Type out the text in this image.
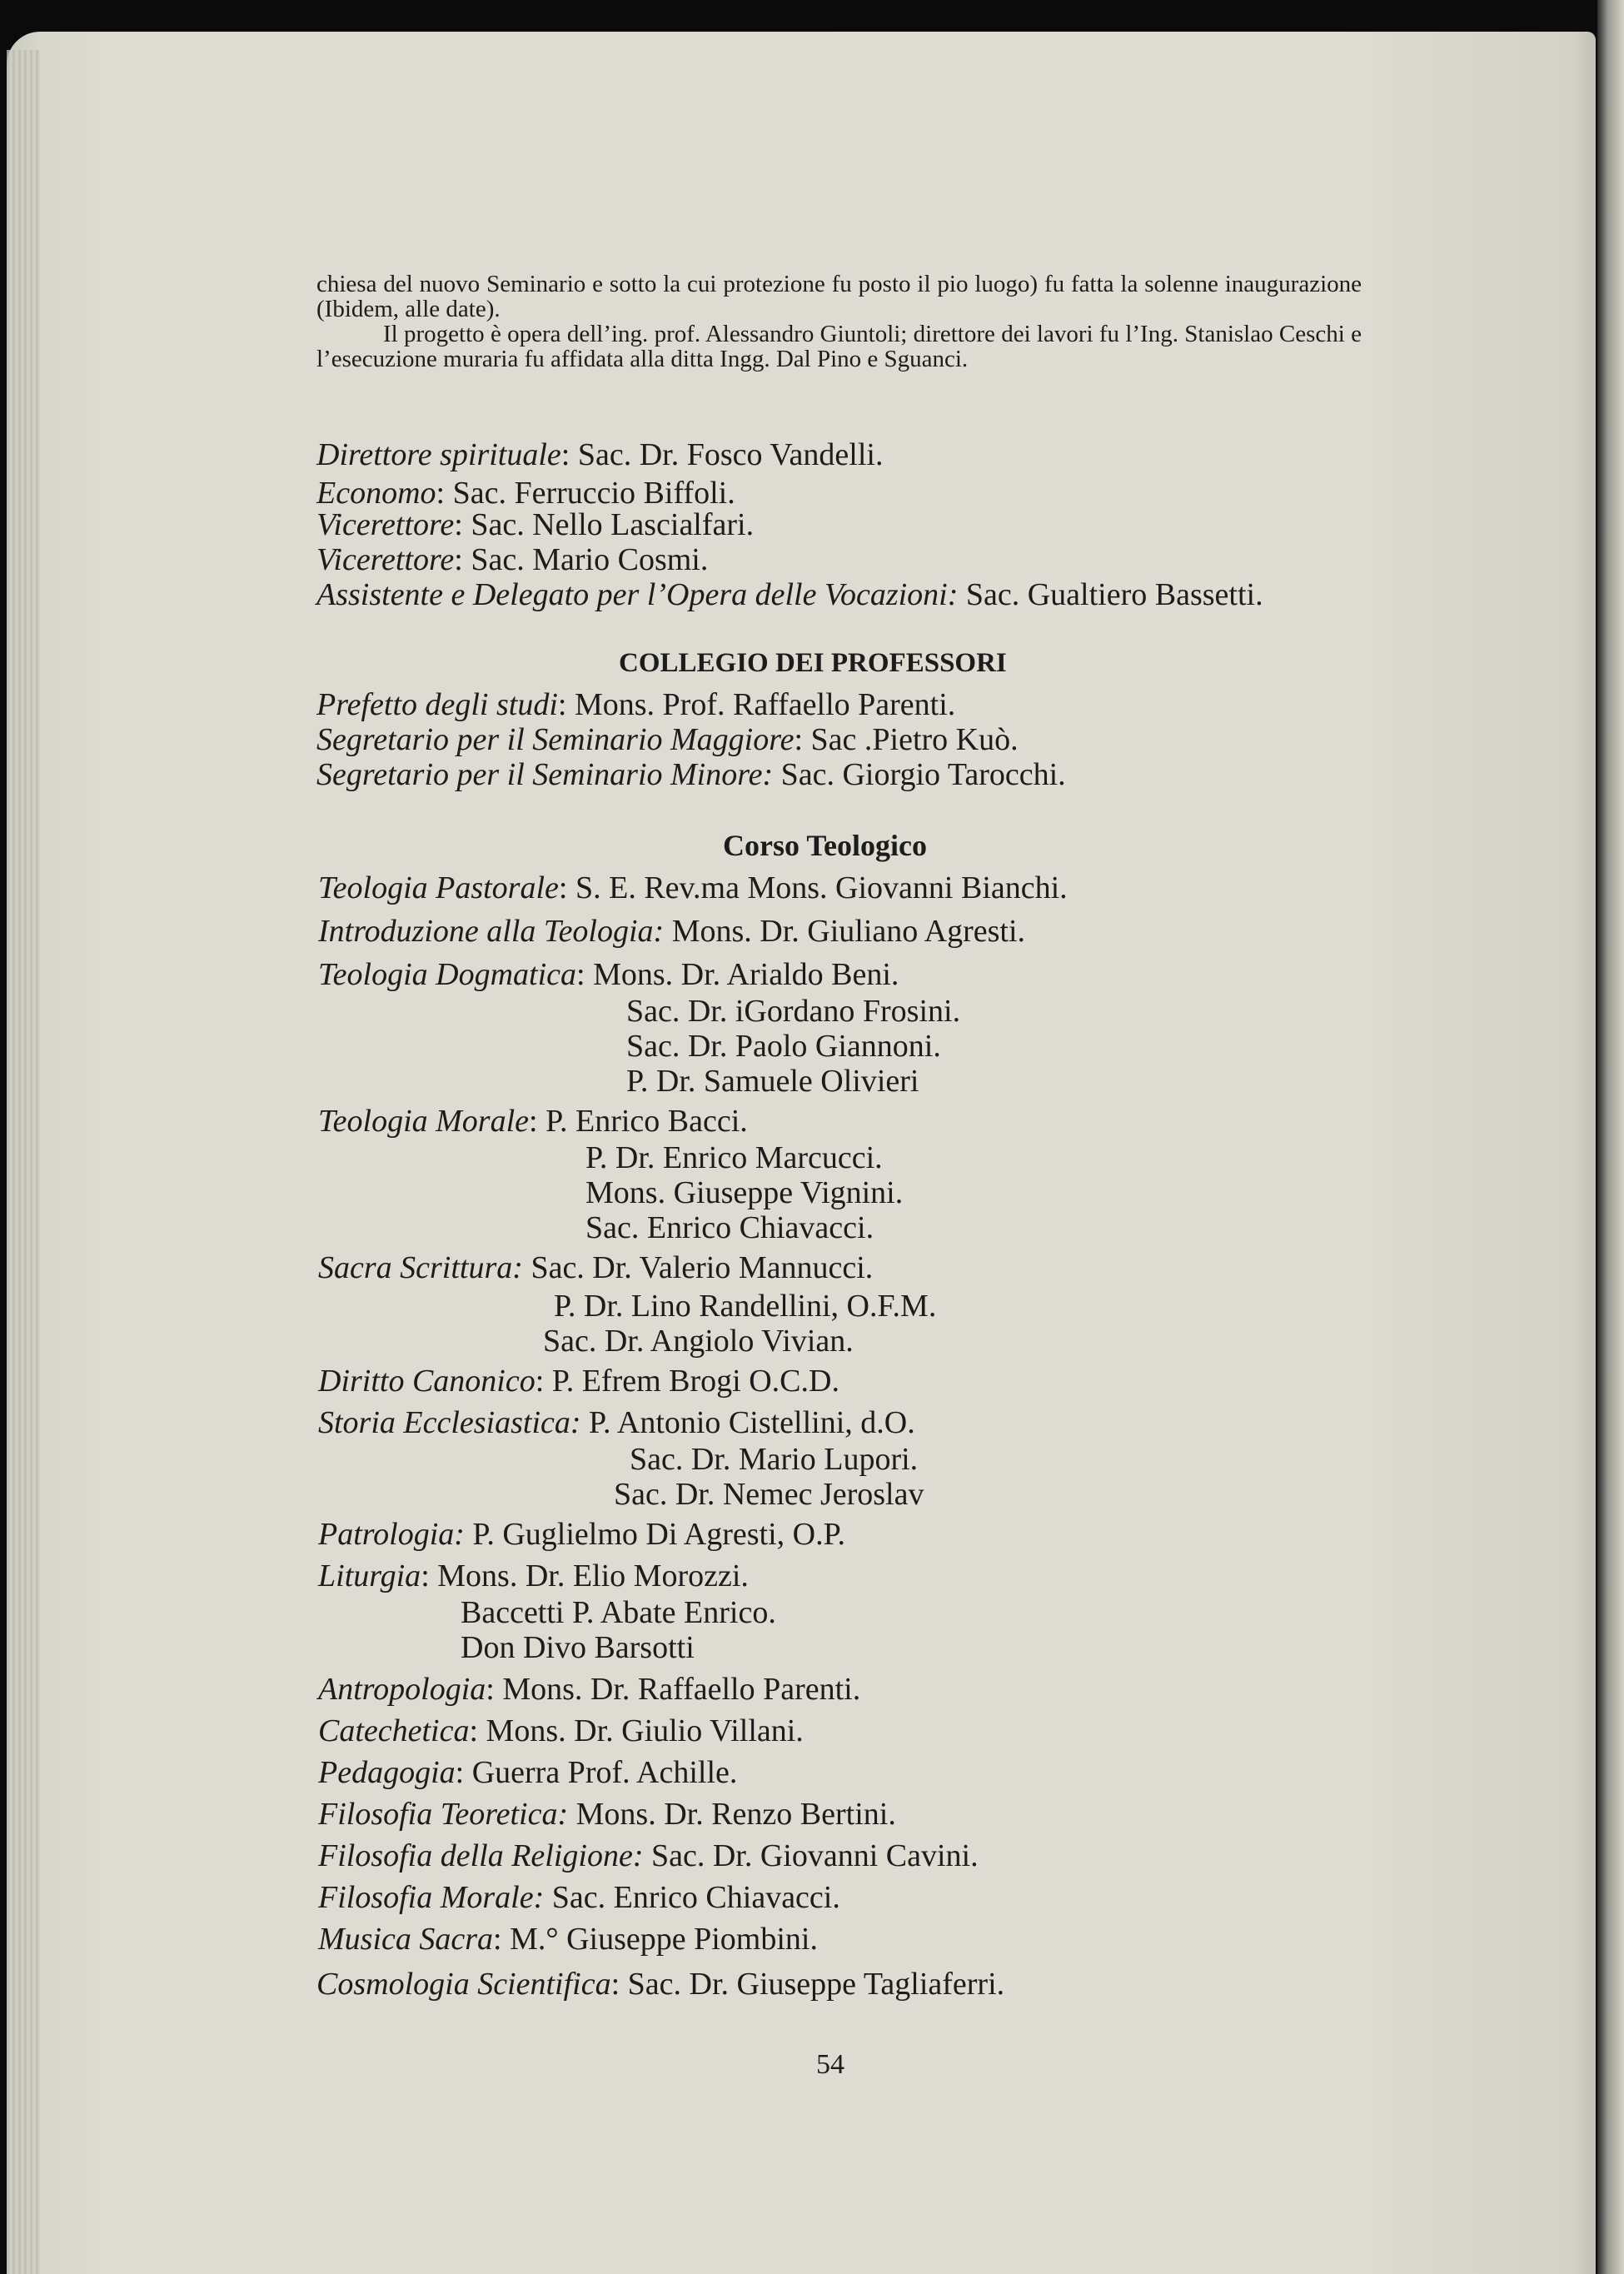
chiesa del nuovo Seminario e sotto la cui protezione fu posto il pio luogo) fu fatta la solenne inaugurazione (Ibidem, alle date).

Il progetto è opera dell’ing. prof. Alessandro Giuntoli; direttore dei lavori fu l’Ing. Stanislao Ceschi e l’esecuzione muraria fu affidata alla ditta Ingg. Dal Pino e Sguanci.

Direttore spirituale: Sac. Dr. Fosco Vandelli.
Economo: Sac. Ferruccio Biffoli.
Vicerettore: Sac. Nello Lascialfari.
Vicerettore: Sac. Mario Cosmi.
Assistente e Delegato per l’Opera delle Vocazioni: Sac. Gualtiero Bassetti.
COLLEGIO DEI PROFESSORI
Prefetto degli studi: Mons. Prof. Raffaello Parenti.
Segretario per il Seminario Maggiore: Sac .Pietro Kuò.
Segretario per il Seminario Minore: Sac. Giorgio Tarocchi.
Corso Teologico
Teologia Pastorale: S. E. Rev.ma Mons. Giovanni Bianchi.
Introduzione alla Teologia: Mons. Dr. Giuliano Agresti.
Teologia Dogmatica: Mons. Dr. Arialdo Beni.
Sac. Dr. iGordano Frosini.
Sac. Dr. Paolo Giannoni.
P. Dr. Samuele Olivieri
Teologia Morale: P. Enrico Bacci.
P. Dr. Enrico Marcucci.
Mons. Giuseppe Vignini.
Sac. Enrico Chiavacci.
Sacra Scrittura: Sac. Dr. Valerio Mannucci.
P. Dr. Lino Randellini, O.F.M.
Sac. Dr. Angiolo Vivian.
Diritto Canonico: P. Efrem Brogi O.C.D.
Storia Ecclesiastica: P. Antonio Cistellini, d.O.
Sac. Dr. Mario Lupori.
Sac. Dr. Nemec Jeroslav
Patrologia: P. Guglielmo Di Agresti, O.P.
Liturgia: Mons. Dr. Elio Morozzi.
Baccetti P. Abate Enrico.
Don Divo Barsotti
Antropologia: Mons. Dr. Raffaello Parenti.
Catechetica: Mons. Dr. Giulio Villani.
Pedagogia: Guerra Prof. Achille.
Filosofia Teoretica: Mons. Dr. Renzo Bertini.
Filosofia della Religione: Sac. Dr. Giovanni Cavini.
Filosofia Morale: Sac. Enrico Chiavacci.
Musica Sacra: M.° Giuseppe Piombini.
Cosmologia Scientifica: Sac. Dr. Giuseppe Tagliaferri.
54
